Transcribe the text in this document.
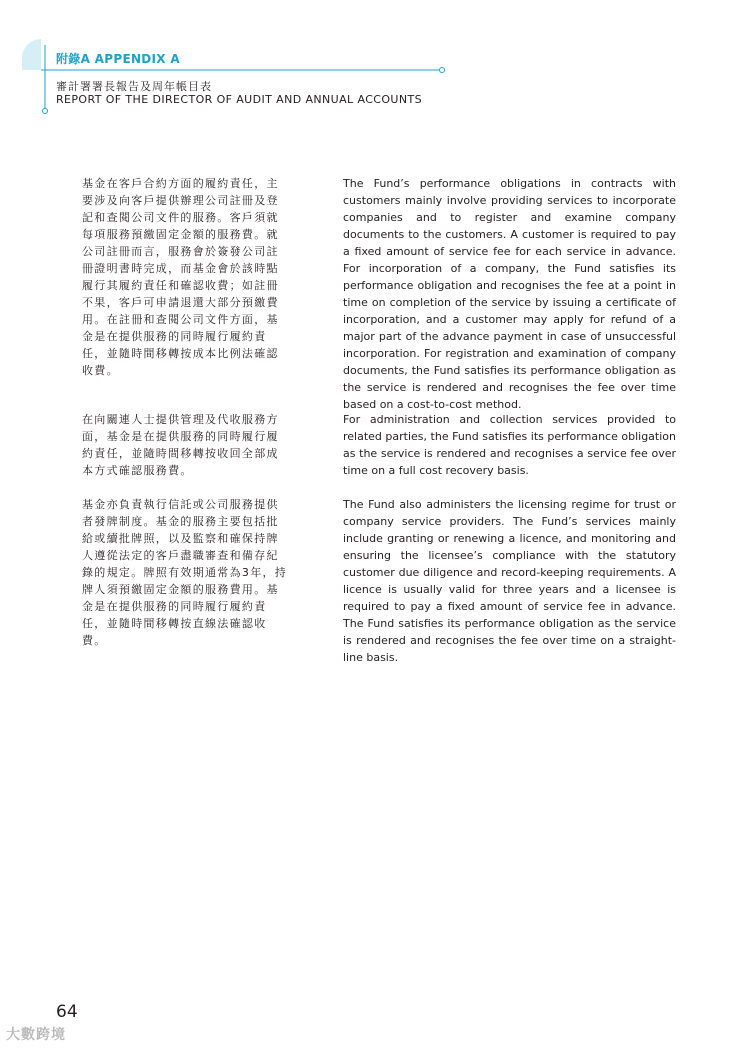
附錄A APPENDIX A
審計署署長報告及周年帳目表
REPORT OF THE DIRECTOR OF AUDIT AND ANNUAL ACCOUNTS

基金在客戶合約方面的履約責任，主要涉及向客戶提供辦理公司註冊及登記和查閱公司文件的服務。客戶須就每項服務預繳固定金額的服務費。就公司註冊而言，服務會於簽發公司註冊證明書時完成，而基金會於該時點履行其履約責任和確認收費；如註冊不果，客戶可申請退還大部分預繳費用。在註冊和查閱公司文件方面，基金是在提供服務的同時履行履約責任，並隨時間移轉按成本比例法確認收費。

The Fund’s performance obligations in contracts with customers mainly involve providing services to incorporate companies and to register and examine company documents to the customers. A customer is required to pay a fixed amount of service fee for each service in advance. For incorporation of a company, the Fund satisfies its performance obligation and recognises the fee at a point in time on completion of the service by issuing a certificate of incorporation, and a customer may apply for refund of a major part of the advance payment in case of unsuccessful incorporation. For registration and examination of company documents, the Fund satisfies its performance obligation as the service is rendered and recognises the fee over time based on a cost-to-cost method.

在向關連人士提供管理及代收服務方面，基金是在提供服務的同時履行履約責任，並隨時間移轉按收回全部成本方式確認服務費。

For administration and collection services provided to related parties, the Fund satisfies its performance obligation as the service is rendered and recognises a service fee over time on a full cost recovery basis.

基金亦負責執行信託或公司服務提供者發牌制度。基金的服務主要包括批給或續批牌照，以及監察和確保持牌人遵從法定的客戶盡職審查和備存紀錄的規定。牌照有效期通常為3年，持牌人須預繳固定金額的服務費用。基金是在提供服務的同時履行履約責任，並隨時間移轉按直線法確認收費。

The Fund also administers the licensing regime for trust or company service providers. The Fund’s services mainly include granting or renewing a licence, and monitoring and ensuring the licensee’s compliance with the statutory customer due diligence and record-keeping requirements. A licence is usually valid for three years and a licensee is required to pay a fixed amount of service fee in advance. The Fund satisfies its performance obligation as the service is rendered and recognises the fee over time on a straight-line basis.

64
大數跨境
